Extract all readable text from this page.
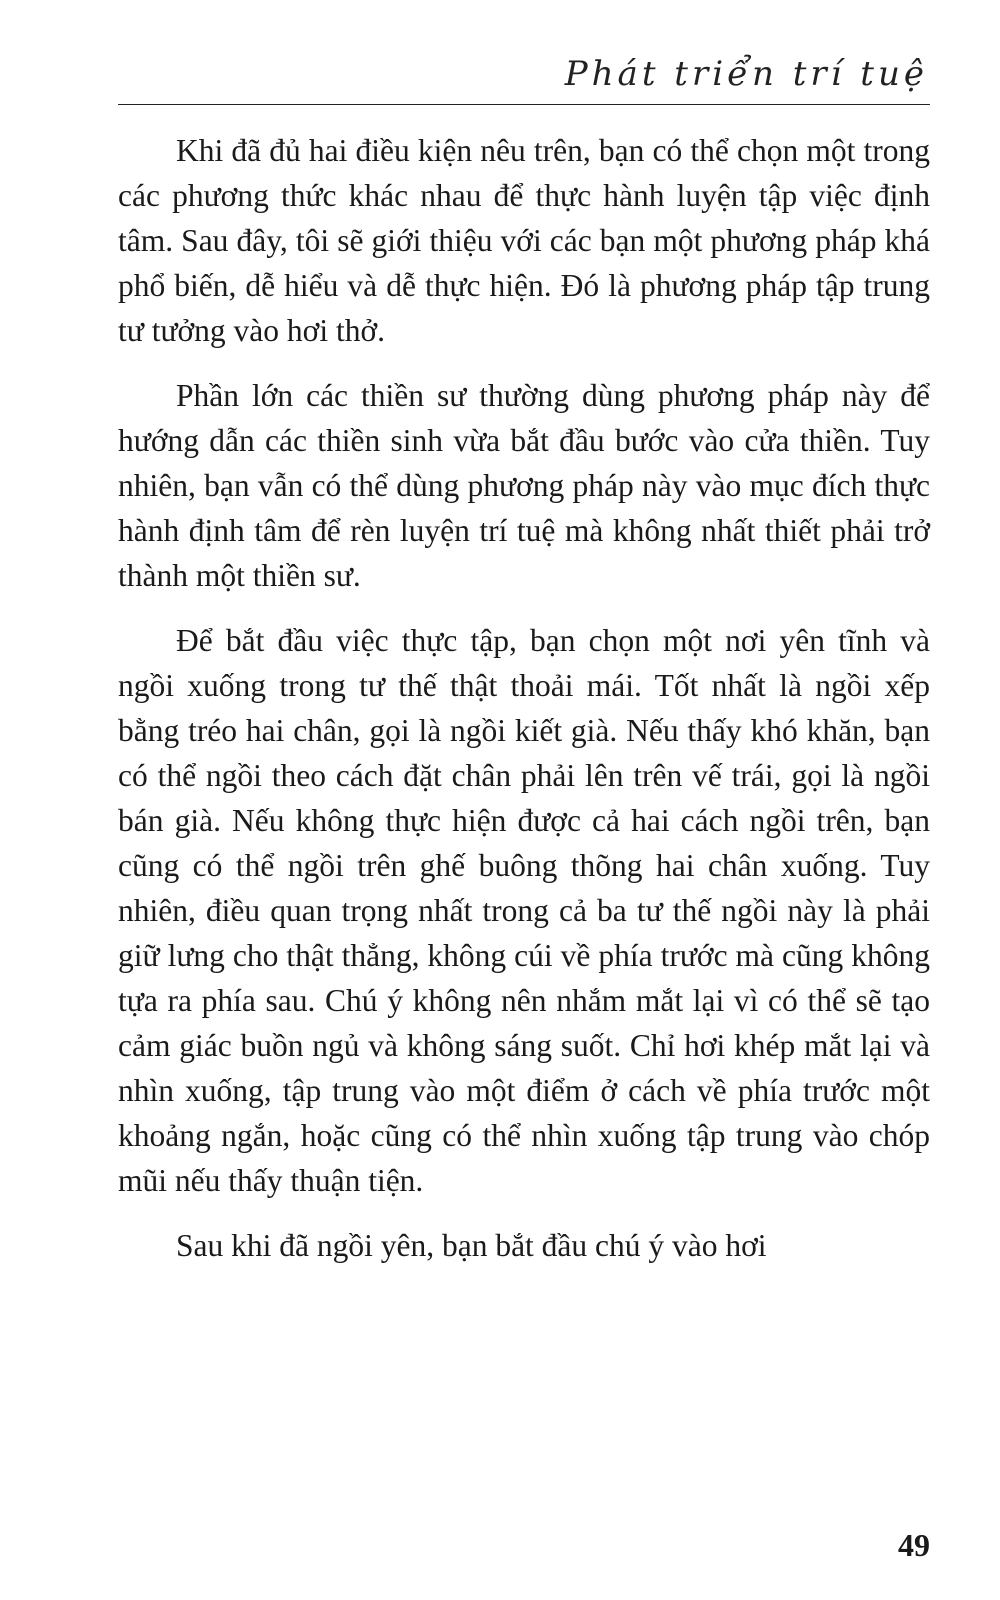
Phát triển trí tuệ

Khi đã đủ hai điều kiện nêu trên, bạn có thể chọn một trong các phương thức khác nhau để thực hành luyện tập việc định tâm. Sau đây, tôi sẽ giới thiệu với các bạn một phương pháp khá phổ biến, dễ hiểu và dễ thực hiện. Đó là phương pháp tập trung tư tưởng vào hơi thở.

Phần lớn các thiền sư thường dùng phương pháp này để hướng dẫn các thiền sinh vừa bắt đầu bước vào cửa thiền. Tuy nhiên, bạn vẫn có thể dùng phương pháp này vào mục đích thực hành định tâm để rèn luyện trí tuệ mà không nhất thiết phải trở thành một thiền sư.

Để bắt đầu việc thực tập, bạn chọn một nơi yên tĩnh và ngồi xuống trong tư thế thật thoải mái. Tốt nhất là ngồi xếp bằng tréo hai chân, gọi là ngồi kiết già. Nếu thấy khó khăn, bạn có thể ngồi theo cách đặt chân phải lên trên vế trái, gọi là ngồi bán già. Nếu không thực hiện được cả hai cách ngồi trên, bạn cũng có thể ngồi trên ghế buông thõng hai chân xuống. Tuy nhiên, điều quan trọng nhất trong cả ba tư thế ngồi này là phải giữ lưng cho thật thẳng, không cúi về phía trước mà cũng không tựa ra phía sau. Chú ý không nên nhắm mắt lại vì có thể sẽ tạo cảm giác buồn ngủ và không sáng suốt. Chỉ hơi khép mắt lại và nhìn xuống, tập trung vào một điểm ở cách về phía trước một khoảng ngắn, hoặc cũng có thể nhìn xuống tập trung vào chóp mũi nếu thấy thuận tiện.

Sau khi đã ngồi yên, bạn bắt đầu chú ý vào hơi

49
